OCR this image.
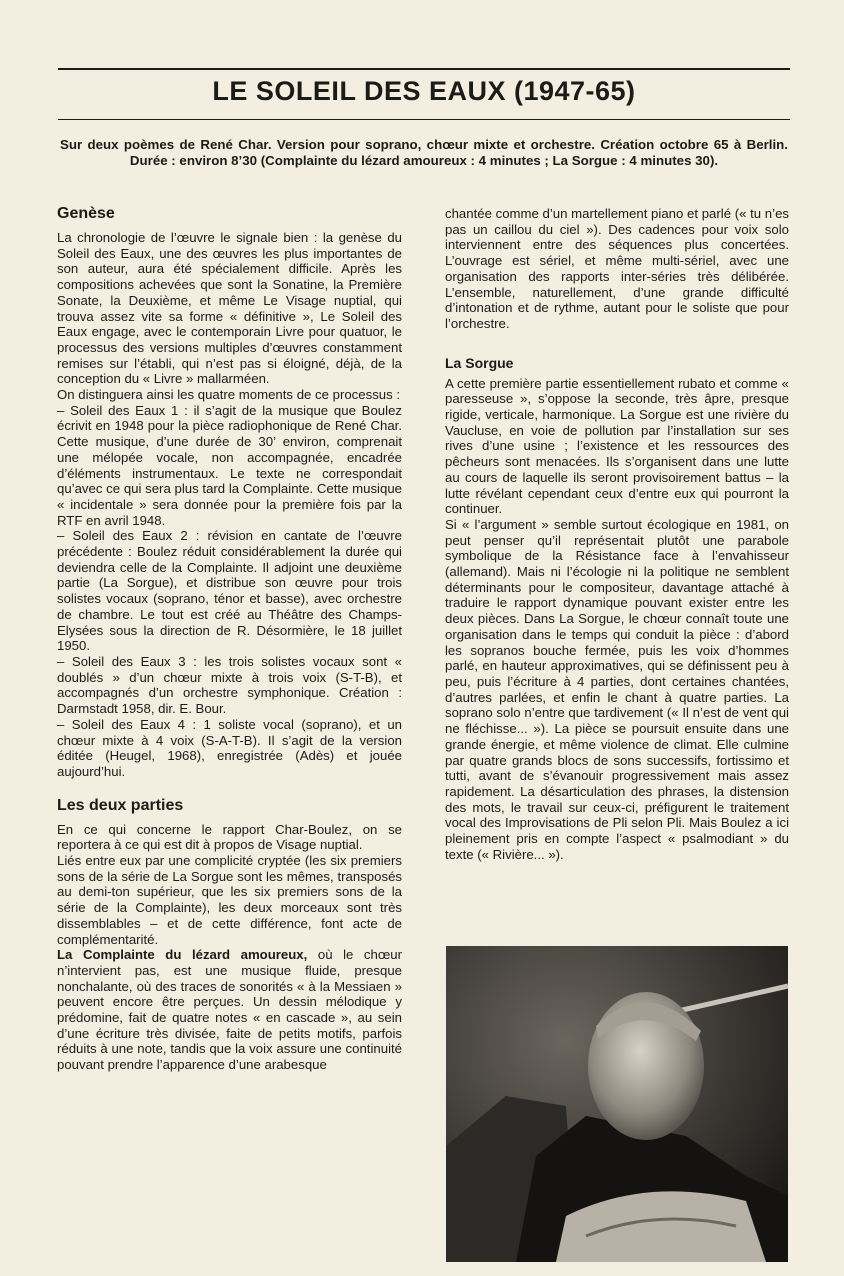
LE SOLEIL DES EAUX (1947-65)

Sur deux poèmes de René Char. Version pour soprano, chœur mixte et orchestre. Création octobre 65 à Berlin. Durée : environ 8’30 (Complainte du lézard amoureux : 4 minutes ; La Sorgue : 4 minutes 30).

Genèse

La chronologie de l’œuvre le signale bien : la genèse du Soleil des Eaux, une des œuvres les plus importantes de son auteur, aura été spécialement difficile. Après les compositions achevées que sont la Sonatine, la Première Sonate, la Deuxième, et même Le Visage nuptial, qui trouva assez vite sa forme « définitive », Le Soleil des Eaux engage, avec le contemporain Livre pour quatuor, le processus des versions multiples d’œuvres constamment remises sur l’établi, qui n’est pas si éloigné, déjà, de la conception du « Livre » mallarméen.

On distinguera ainsi les quatre moments de ce processus :

– Soleil des Eaux 1 : il s’agit de la musique que Boulez écrivit en 1948 pour la pièce radiophonique de René Char. Cette musique, d’une durée de 30’ environ, comprenait une mélopée vocale, non accompagnée, encadrée d’éléments instrumentaux. Le texte ne correspondait qu’avec ce qui sera plus tard la Complainte. Cette musique « incidentale » sera donnée pour la première fois par la RTF en avril 1948.

– Soleil des Eaux 2 : révision en cantate de l’œuvre précédente : Boulez réduit considérablement la durée qui deviendra celle de la Complainte. Il adjoint une deuxième partie (La Sorgue), et distribue son œuvre pour trois solistes vocaux (soprano, ténor et basse), avec orchestre de chambre. Le tout est créé au Théâtre des Champs-Elysées sous la direction de R. Désormière, le 18 juillet 1950.

– Soleil des Eaux 3 : les trois solistes vocaux sont « doublés » d’un chœur mixte à trois voix (S-T-B), et accompagnés d’un orchestre symphonique. Création : Darmstadt 1958, dir. E. Bour.

– Soleil des Eaux 4 : 1 soliste vocal (soprano), et un chœur mixte à 4 voix (S-A-T-B). Il s’agit de la version éditée (Heugel, 1968), enregistrée (Adès) et jouée aujourd’hui.

Les deux parties

En ce qui concerne le rapport Char-Boulez, on se reportera à ce qui est dit à propos de Visage nuptial.

Liés entre eux par une complicité cryptée (les six premiers sons de la série de La Sorgue sont les mêmes, transposés au demi-ton supérieur, que les six premiers sons de la série de la Complainte), les deux morceaux sont très dissemblables – et de cette différence, font acte de complémentarité.

La Complainte du lézard amoureux, où le chœur n’intervient pas, est une musique fluide, presque nonchalante, où des traces de sonorités « à la Messiaen » peuvent encore être perçues. Un dessin mélodique y prédomine, fait de quatre notes « en cascade », au sein d’une écriture très divisée, faite de petits motifs, parfois réduits à une note, tandis que la voix assure une continuité pouvant prendre l’apparence d’une arabesque

chantée comme d’un martellement piano et parlé (« tu n’es pas un caillou du ciel »). Des cadences pour voix solo interviennent entre des séquences plus concertées. L’ouvrage est sériel, et même multi-sériel, avec une organisation des rapports inter-séries très délibérée. L’ensemble, naturellement, d’une grande difficulté d’intonation et de rythme, autant pour le soliste que pour l’orchestre.

La Sorgue

A cette première partie essentiellement rubato et comme « paresseuse », s’oppose la seconde, très âpre, presque rigide, verticale, harmonique. La Sorgue est une rivière du Vaucluse, en voie de pollution par l’installation sur ses rives d’une usine ; l’existence et les ressources des pêcheurs sont menacées. Ils s’organisent dans une lutte au cours de laquelle ils seront provisoirement battus – la lutte révélant cependant ceux d’entre eux qui pourront la continuer.

Si « l’argument » semble surtout écologique en 1981, on peut penser qu’il représentait plutôt une parabole symbolique de la Résistance face à l’envahisseur (allemand). Mais ni l’écologie ni la politique ne semblent déterminants pour le compositeur, davantage attaché à traduire le rapport dynamique pouvant exister entre les deux pièces. Dans La Sorgue, le chœur connaît toute une organisation dans le temps qui conduit la pièce : d’abord les sopranos bouche fermée, puis les voix d’hommes parlé, en hauteur approximatives, qui se définissent peu à peu, puis l’écriture à 4 parties, dont certaines chantées, d’autres parlées, et enfin le chant à quatre parties. La soprano solo n’entre que tardivement (« Il n’est de vent qui ne fléchisse... »). La pièce se poursuit ensuite dans une grande énergie, et même violence de climat. Elle culmine par quatre grands blocs de sons successifs, fortissimo et tutti, avant de s’évanouir progressivement mais assez rapidement. La désarticulation des phrases, la distension des mots, le travail sur ceux-ci, préfigurent le traitement vocal des Improvisations de Pli selon Pli. Mais Boulez a ici pleinement pris en compte l’aspect « psalmodiant » du texte (« Rivière... »).
